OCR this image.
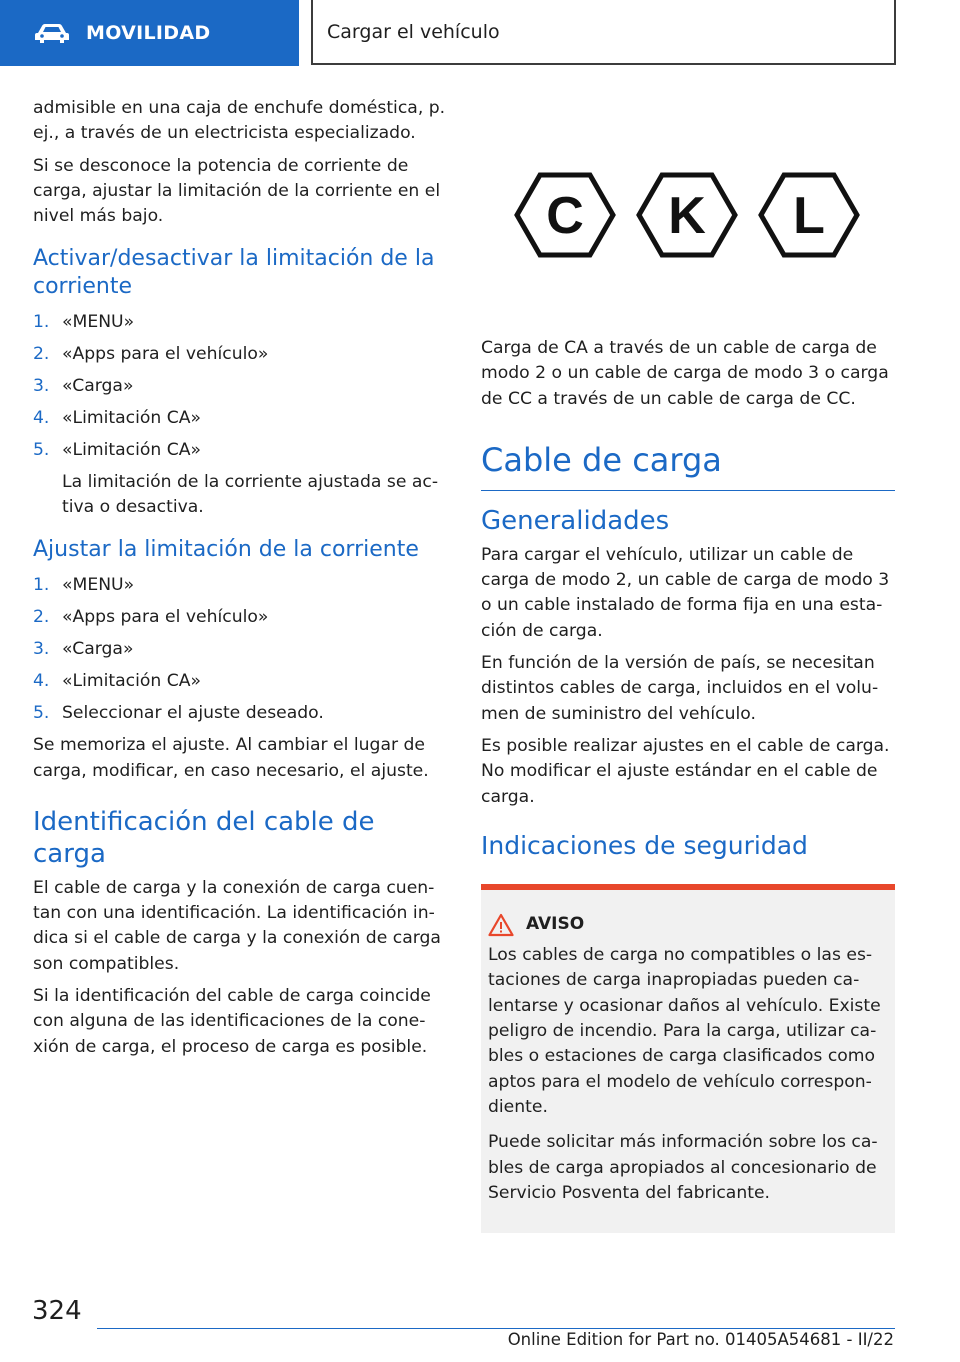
MOVILIDAD	Cargar el vehículo

admisible en una caja de enchufe doméstica, p. ej., a través de un electricista especializado.

Si se desconoce la potencia de corriente de carga, ajustar la limitación de la corriente en el nivel más bajo.

Activar/desactivar la limitación de la corriente
1. «MENU»
2. «Apps para el vehículo»
3. «Carga»
4. «Limitación CA»
5. «Limitación CA»
La limitación de la corriente ajustada se activa o desactiva.
Ajustar la limitación de la corriente
1. «MENU»
2. «Apps para el vehículo»
3. «Carga»
4. «Limitación CA»
5. Seleccionar el ajuste deseado.

Se memoriza el ajuste. Al cambiar el lugar de carga, modificar, en caso necesario, el ajuste.

Identificación del cable de carga

El cable de carga y la conexión de carga cuentan con una identificación. La identificación indica si el cable de carga y la conexión de carga son compatibles.

Si la identificación del cable de carga coincide con alguna de las identificaciones de la conexión de carga, el proceso de carga es posible.

C K L

Carga de CA a través de un cable de carga de modo 2 o un cable de carga de modo 3 o carga de CC a través de un cable de carga de CC.

Cable de carga
Generalidades

Para cargar el vehículo, utilizar un cable de carga de modo 2, un cable de carga de modo 3 o un cable instalado de forma fija en una estación de carga.

En función de la versión de país, se necesitan distintos cables de carga, incluidos en el volumen de suministro del vehículo.

Es posible realizar ajustes en el cable de carga. No modificar el ajuste estándar en el cable de carga.

Indicaciones de seguridad
AVISO

Los cables de carga no compatibles o las estaciones de carga inapropiadas pueden calentarse y ocasionar daños al vehículo. Existe peligro de incendio. Para la carga, utilizar cables o estaciones de carga clasificados como aptos para el modelo de vehículo correspondiente.

Puede solicitar más información sobre los cables de carga apropiados al concesionario de Servicio Posventa del fabricante.

324
Online Edition for Part no. 01405A54681 - II/22
